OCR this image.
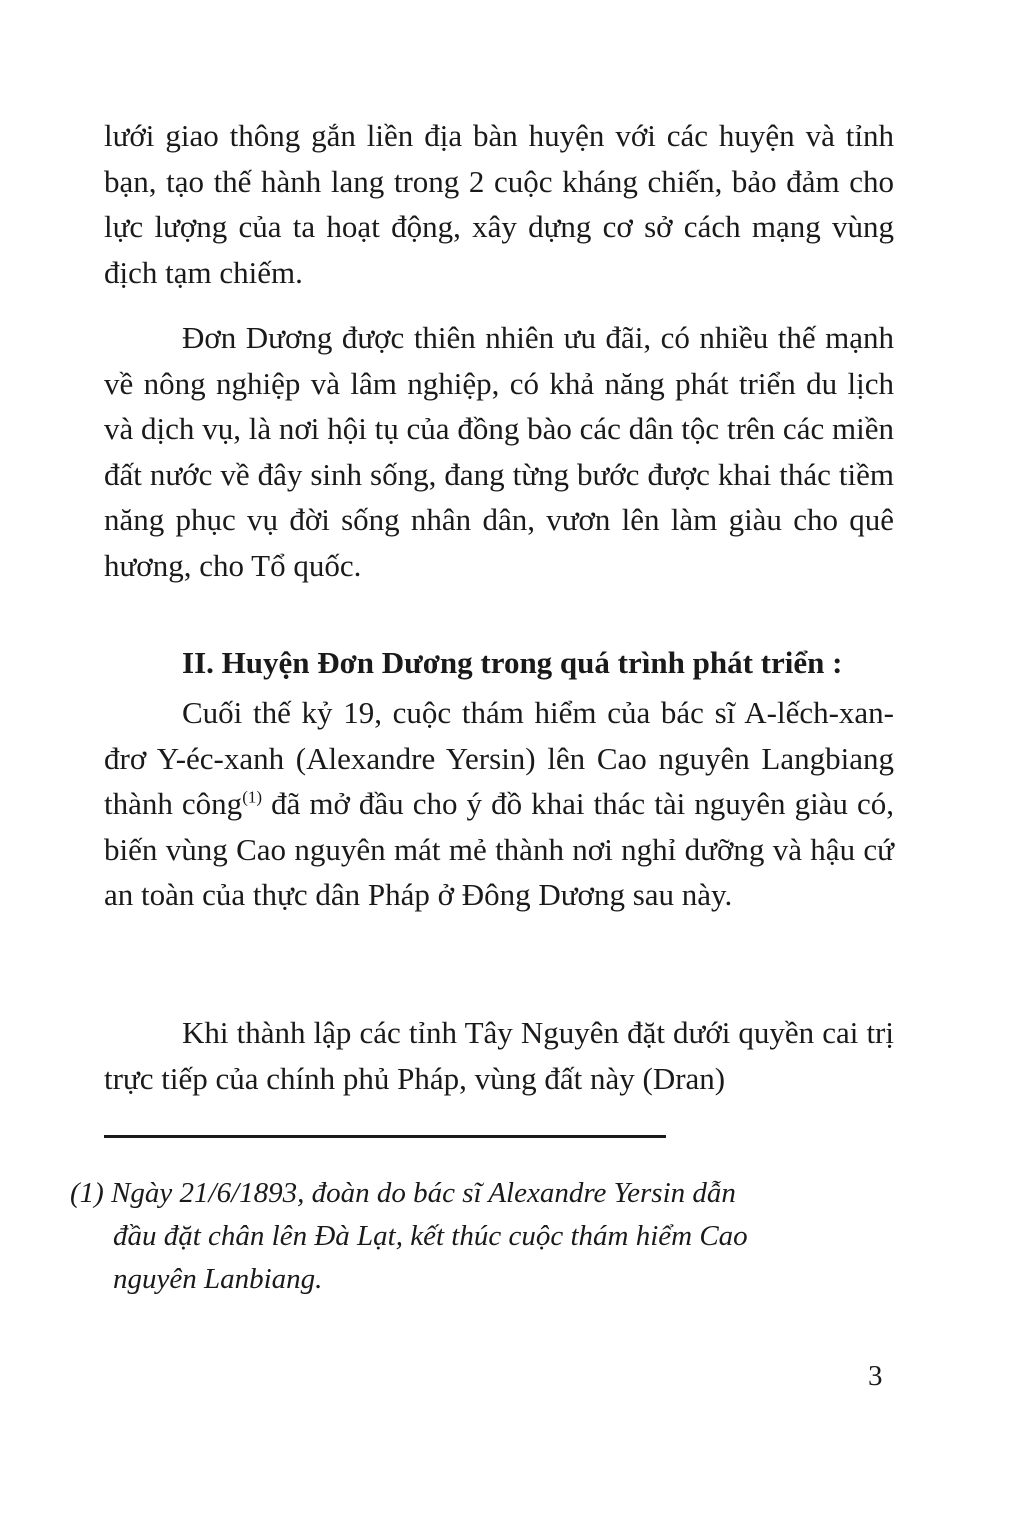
lưới giao thông gắn liền địa bàn huyện với các huyện và tỉnh bạn, tạo thế hành lang trong 2 cuộc kháng chiến, bảo đảm cho lực lượng của ta hoạt động, xây dựng cơ sở cách mạng vùng địch tạm chiếm.

Đơn Dương được thiên nhiên ưu đãi, có nhiều thế mạnh về nông nghiệp và lâm nghiệp, có khả năng phát triển du lịch và dịch vụ, là nơi hội tụ của đồng bào các dân tộc trên các miền đất nước về đây sinh sống, đang từng bước được khai thác tiềm năng phục vụ đời sống nhân dân, vươn lên làm giàu cho quê hương, cho Tổ quốc.

II. Huyện Đơn Dương trong quá trình phát triển :

Cuối thế kỷ 19, cuộc thám hiểm của bác sĩ A-lếch-xan-đrơ Y-éc-xanh (Alexandre Yersin) lên Cao nguyên Langbiang thành công$^{(1)}$ đã mở đầu cho ý đồ khai thác tài nguyên giàu có, biến vùng Cao nguyên mát mẻ thành nơi nghỉ dưỡng và hậu cứ an toàn của thực dân Pháp ở Đông Dương sau này.

Khi thành lập các tỉnh Tây Nguyên đặt dưới quyền cai trị trực tiếp của chính phủ Pháp, vùng đất này (Dran)

(1) Ngày 21/6/1893, đoàn do bác sĩ Alexandre Yersin dẫn
đầu đặt chân lên Đà Lạt, kết thúc cuộc thám hiểm Cao
nguyên Lanbiang.

3
